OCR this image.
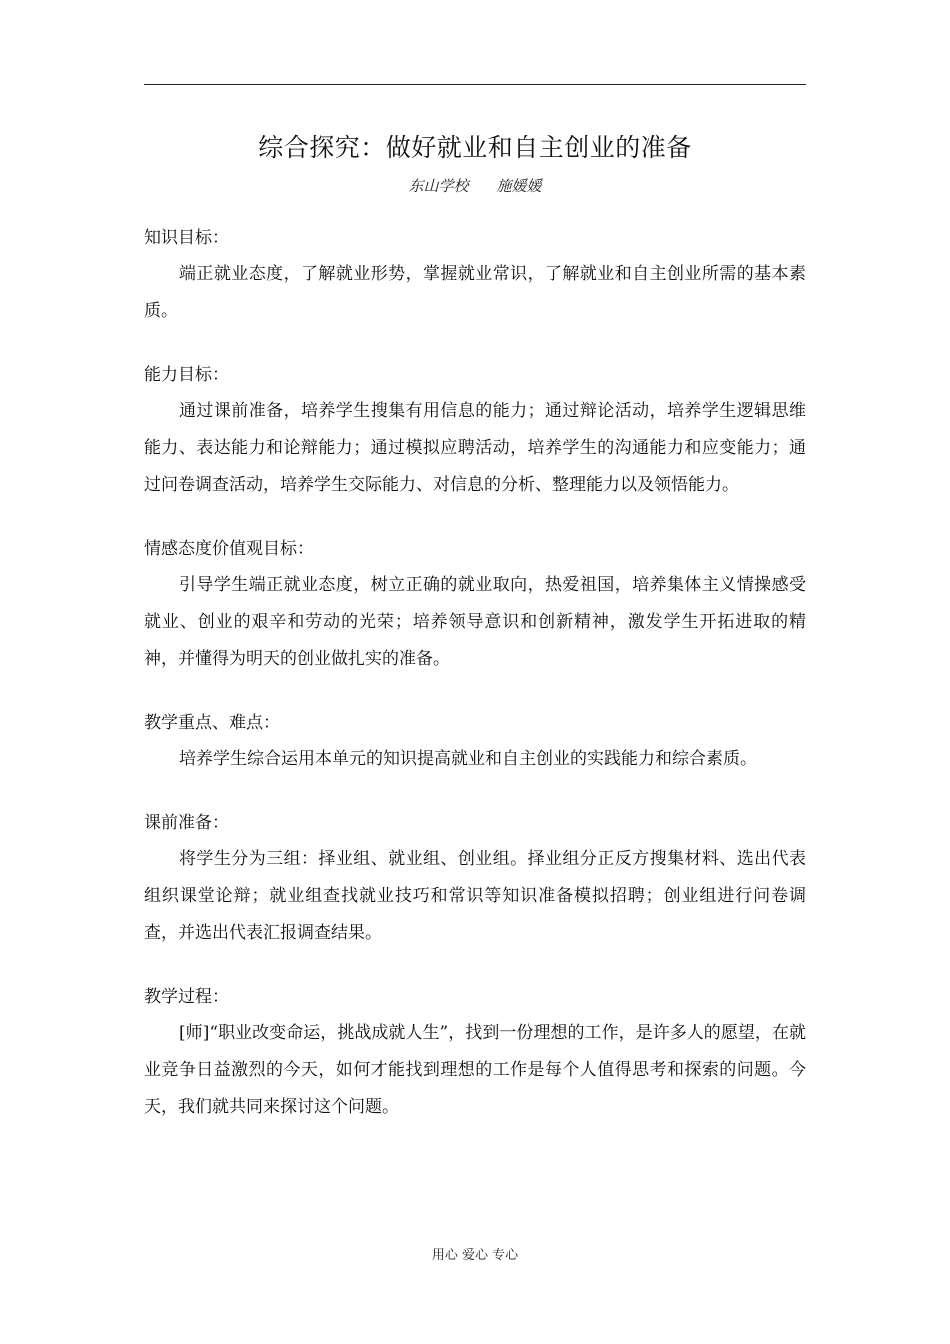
综合探究：做好就业和自主创业的准备
东山学校 施媛媛

知识目标：

端正就业态度，了解就业形势，掌握就业常识，了解就业和自主创业所需的基本素质。

能力目标：

通过课前准备，培养学生搜集有用信息的能力；通过辩论活动，培养学生逻辑思维能力、表达能力和论辩能力；通过模拟应聘活动，培养学生的沟通能力和应变能力；通过问卷调查活动，培养学生交际能力、对信息的分析、整理能力以及领悟能力。

情感态度价值观目标：

引导学生端正就业态度，树立正确的就业取向，热爱祖国，培养集体主义情操感受就业、创业的艰辛和劳动的光荣；培养领导意识和创新精神，激发学生开拓进取的精神，并懂得为明天的创业做扎实的准备。

教学重点、难点：

培养学生综合运用本单元的知识提高就业和自主创业的实践能力和综合素质。

课前准备：

将学生分为三组：择业组、就业组、创业组。择业组分正反方搜集材料、选出代表组织课堂论辩；就业组查找就业技巧和常识等知识准备模拟招聘；创业组进行问卷调查，并选出代表汇报调查结果。

教学过程：

[师]“职业改变命运，挑战成就人生”，找到一份理想的工作，是许多人的愿望，在就业竞争日益激烈的今天，如何才能找到理想的工作是每个人值得思考和探索的问题。今天，我们就共同来探讨这个问题。

用心 爱心 专心
